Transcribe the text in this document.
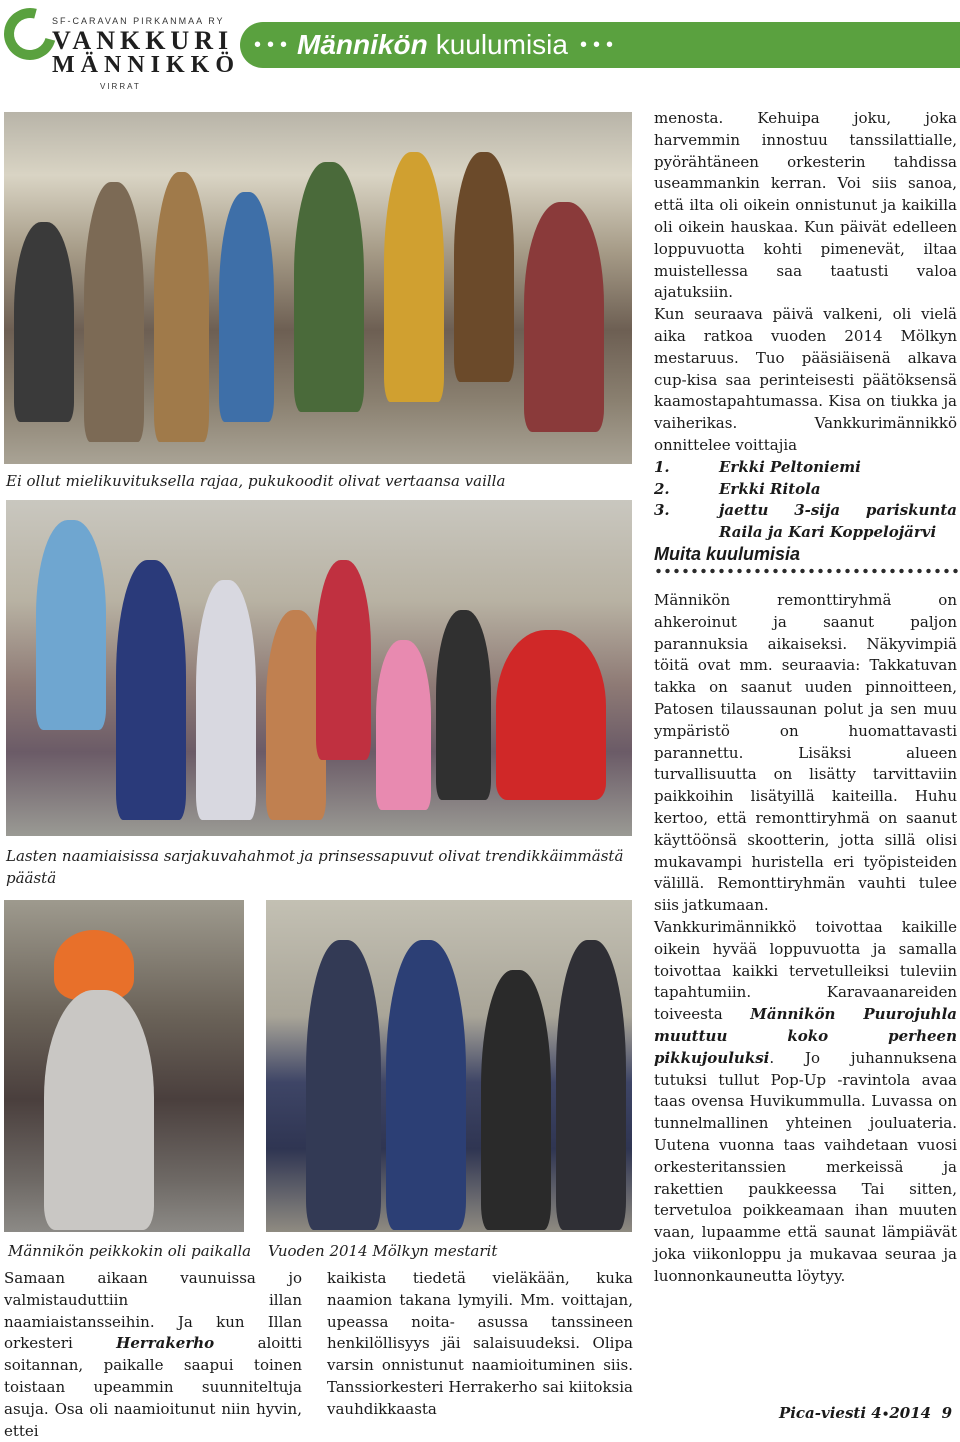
SF-CARAVAN PIRKANMAA RY
VANKKURI
MÄNNIKKÖ
VIRRAT
••• Männikön kuulumisia •••
Ei ollut mielikuvituksella rajaa, pukukoodit olivat vertaansa vailla
Lasten naamiaisissa sarjakuvahahmot ja prinsessapuvut olivat trendikkäimmästä päästä
Männikön peikkokin oli paikalla	Vuoden 2014 Mölkyn mestarit

Samaan aikaan vaunuissa jo valmistauduttiin illan naamiaistansseihin. Ja kun Illan orkesteri Herrakerho aloitti soitannan, paikalle saapui toinen toistaan upeammin suunniteltuja asuja. Osa oli naamioitunut niin hyvin, ettei

kaikista tiedetä vieläkään, kuka naamion takana lymyili. Mm. voittajan, upeassa noita- asussa tanssineen henkilöllisyys jäi salaisuudeksi. Olipa varsin onnistunut naamioituminen siis. Tanssiorkesteri Herrakerho sai kiitoksia vauhdikkaasta

menosta. Kehuipa joku, joka harvemmin innostuu tanssilattialle, pyörähtäneen orkesterin tahdissa useammankin kerran. Voi siis sanoa, että ilta oli oikein onnistunut ja kaikilla oli oikein hauskaa. Kun päivät edelleen loppuvuotta kohti pimenevät, iltaa muistellessa saa taatusti valoa ajatuksiin.

Kun seuraava päivä valkeni, oli vielä aika ratkoa vuoden 2014 Mölkyn mestaruus. Tuo pääsiäisenä alkava cup-kisa saa perinteisesti päätöksensä kaamostapahtumassa. Kisa on tiukka ja vaiherikas. Vankkurimännikkö onnittelee voittajia

1.	Erkki Peltoniemi
2.	Erkki Ritola
3.	jaettu 3-sija pariskunta Raila ja Kari Koppelojärvi
Muita kuulumisia

Männikön remonttiryhmä on ahkeroinut ja saanut paljon parannuksia aikaiseksi. Näkyvimpiä töitä ovat mm. seuraavia: Takkatuvan takka on saanut uuden pinnoitteen, Patosen tilaussaunan polut ja sen muu ympäristö on huomattavasti parannettu. Lisäksi alueen turvallisuutta on lisätty tarvittaviin paikkoihin lisätyillä kaiteilla. Huhu kertoo, että remonttiryhmä on saanut käyttöönsä skootterin, jotta sillä olisi mukavampi huristella eri työpisteiden välillä. Remonttiryhmän vauhti tulee siis jatkumaan.

Vankkurimännikkö toivottaa kaikille oikein hyvää loppuvuotta ja samalla toivottaa kaikki tervetulleiksi tuleviin tapahtumiin. Karavaanareiden toiveesta Männikön Puurojuhla muuttuu koko perheen pikkujouluksi. Jo juhannuksena tutuksi tullut Pop-Up -ravintola avaa taas ovensa Huvikummulla. Luvassa on tunnelmallinen yhteinen jouluateria. Uutena vuonna taas vaihdetaan vuosi orkesteritanssien merkeissä ja rakettien paukkeessa Tai sitten, tervetuloa poikkeamaan ihan muuten vaan, lupaamme että saunat lämpiävät joka viikonloppu ja mukavaa seuraa ja luonnonkauneutta löytyy.

Pica-viesti 4•2014 9
